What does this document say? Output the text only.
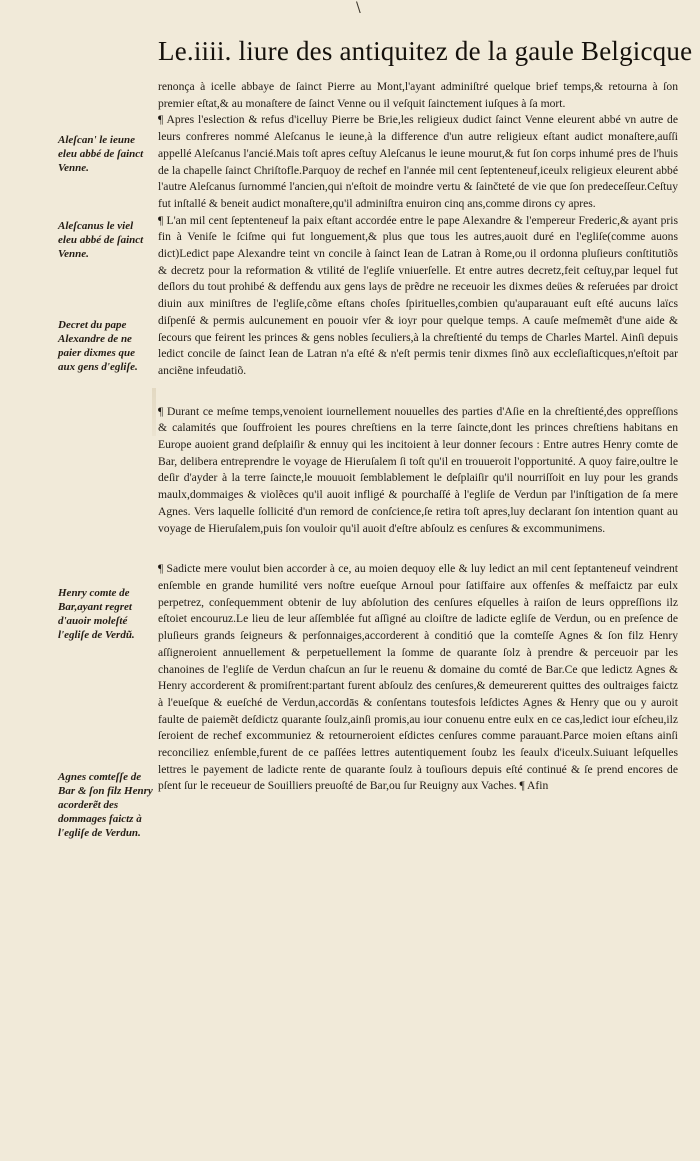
\
Le.iiii. liure des antiquitez de la gaule Belgicque

renonça à icelle abbaye de ſainct Pierre au Mont,l'ayant adminiſtré quelque brief temps,& retourna à ſon premier eſtat,& au monaſtere de ſainct Venne ou il veſquit ſainctement iuſques à ſa mort.

¶ Apres l'eslection & refus d'icelluy Pierre be Brie,les religieux dudict ſainct Venne eleurent abbé vn autre de leurs confreres nommé Aleſcanus le ieune,à la difference d'un autre religieux eſtant audict monaſtere,auſſi appellé Aleſcanus l'ancié.Mais toſt apres ceſtuy Aleſcanus le ieune mourut,& fut ſon corps inhumé pres de l'huis de la chapelle ſainct Chriſtofle.Parquoy de rechef en l'année mil cent ſeptenteneuf,iceulx religieux eleurent abbé l'autre Aleſcanus ſurnommé l'ancien,qui n'eſtoit de moindre vertu & ſainčteté de vie que ſon predeceſſeur.Ceſtuy fut inſtallé & beneit audict monaſtere,qu'il adminiſtra enuiron cinq ans,comme dirons cy apres.

¶ L'an mil cent ſeptenteneuf la paix eſtant accordée entre le pape Alexandre & l'empereur Frederic,& ayant pris fin à Veniſe le ſciſme qui fut longuement,& plus que tous les autres,auoit duré en l'egliſe(comme auons dict)Ledict pape Alexandre teint vn concile à ſainct Iean de Latran à Rome,ou il ordonna pluſieurs conſtitutiõs & decretz pour la reformation & vtilité de l'egliſe vniuerſelle. Et entre autres decretz,feit ceſtuy,par lequel fut deſlors du tout prohibé & deffendu aux gens lays de prẽdre ne receuoir les dixmes deües & reſeruées par droict diuin aux miniſtres de l'egliſe,cõme eſtans choſes ſpirituelles,combien qu'auparauant euſt eſté aucuns laïcs diſpenſé & permis aulcunement en pouoir vſer & ioyr pour quelque temps. A cauſe meſmemẽt d'une aide & ſecours que feirent les princes & gens nobles ſeculiers,à la chreſtienté du temps de Charles Martel. Ainſi depuis ledict concile de ſainct Iean de Latran n'a eſté & n'eſt permis tenir dixmes ſinõ aux eccleſiaſticques,n'eſtoit par anciẽne infeudatiõ.

¶ Durant ce meſme temps,venoient iournellement nouuelles des parties d'Aſie en la chreſtienté,des oppreſſions & calamités que ſouffroient les poures chreſtiens en la terre ſaincte,dont les princes chreſtiens habitans en Europe auoient grand deſplaiſir & ennuy qui les incitoient à leur donner ſecours : Entre autres Henry comte de Bar, delibera entreprendre le voyage de Hieruſalem ſi toſt qu'il en trouueroit l'opportunité. A quoy faire,oultre le deſir d'ayder à la terre ſaincte,le mouuoit ſemblablement le deſplaiſir qu'il nourriſſoit en luy pour les grands maulx,dommaiges & violẽces qu'il auoit infligé & pourchaſſé à l'egliſe de Verdun par l'inſtigation de ſa mere Agnes. Vers laquelle ſollicité d'un remord de conſcience,ſe retira toſt apres,luy declarant ſon intention quant au voyage de Hieruſalem,puis ſon vouloir qu'il auoit d'eſtre abſoulz es cenſures & excommunimens.

¶ Sadicte mere voulut bien accorder à ce, au moien dequoy elle & luy ledict an mil cent ſeptanteneuf veindrent enſemble en grande humilité vers noſtre eueſque Arnoul pour ſatiſfaire aux offenſes & meſfaictz par eulx perpetrez, conſequemment obtenir de luy abſolution des cenſures eſquelles à raiſon de leurs oppreſſions ilz eſtoiet encouruz.Le lieu de leur aſſemblée fut aſſigné au cloiſtre de ladicte egliſe de Verdun, ou en preſence de pluſieurs grands ſeigneurs & perſonnaiges,accorderent à conditió que la comteſſe Agnes & ſon filz Henry aſſigneroient annuellement & perpetuellement la ſomme de quarante ſolz à prendre & perceuoir par les chanoines de l'egliſe de Verdun chaſcun an ſur le reuenu & domaine du comté de Bar.Ce que ledictz Agnes & Henry accorderent & promiſrent:partant furent abſoulz des cenſures,& demeurerent quittes des oultraiges faictz à l'eueſque & eueſché de Verdun,accordās & conſentans toutesfois leſdictes Agnes & Henry que ou y auroit faulte de paiemẽt deſdictz quarante ſoulz,ainſi promis,au iour conuenu entre eulx en ce cas,ledict iour eſcheu,ilz ſeroient de rechef excommuniez & retourneroient eſdictes cenſures comme parauant.Parce moien eſtans ainſi reconciliez enſemble,furent de ce paſſées lettres autentiquement ſoubz les ſeaulx d'iceulx.Suiuant leſquelles lettres le payement de ladicte rente de quarante ſoulz à touſiours depuis eſté continué & ſe prend encores de pſent ſur le receueur de Souilliers preuoſté de Bar,ou ſur Reuigny aux Vaches. ¶ Afin

Aleſcan' le ieune eleu abbé de ſainct Venne.
Aleſcanus le viel eleu abbé de ſainct Venne.
Decret du pape Alexandre de ne paier dixmes que aux gens d'egliſe.
Henry comte de Bar,ayant regret d'auoir moleſté l'egliſe de Verdũ.
Agnes comteſſe de Bar & ſon filz Henry acorderẽt des dommages faictz à l'egliſe de Verdun.
